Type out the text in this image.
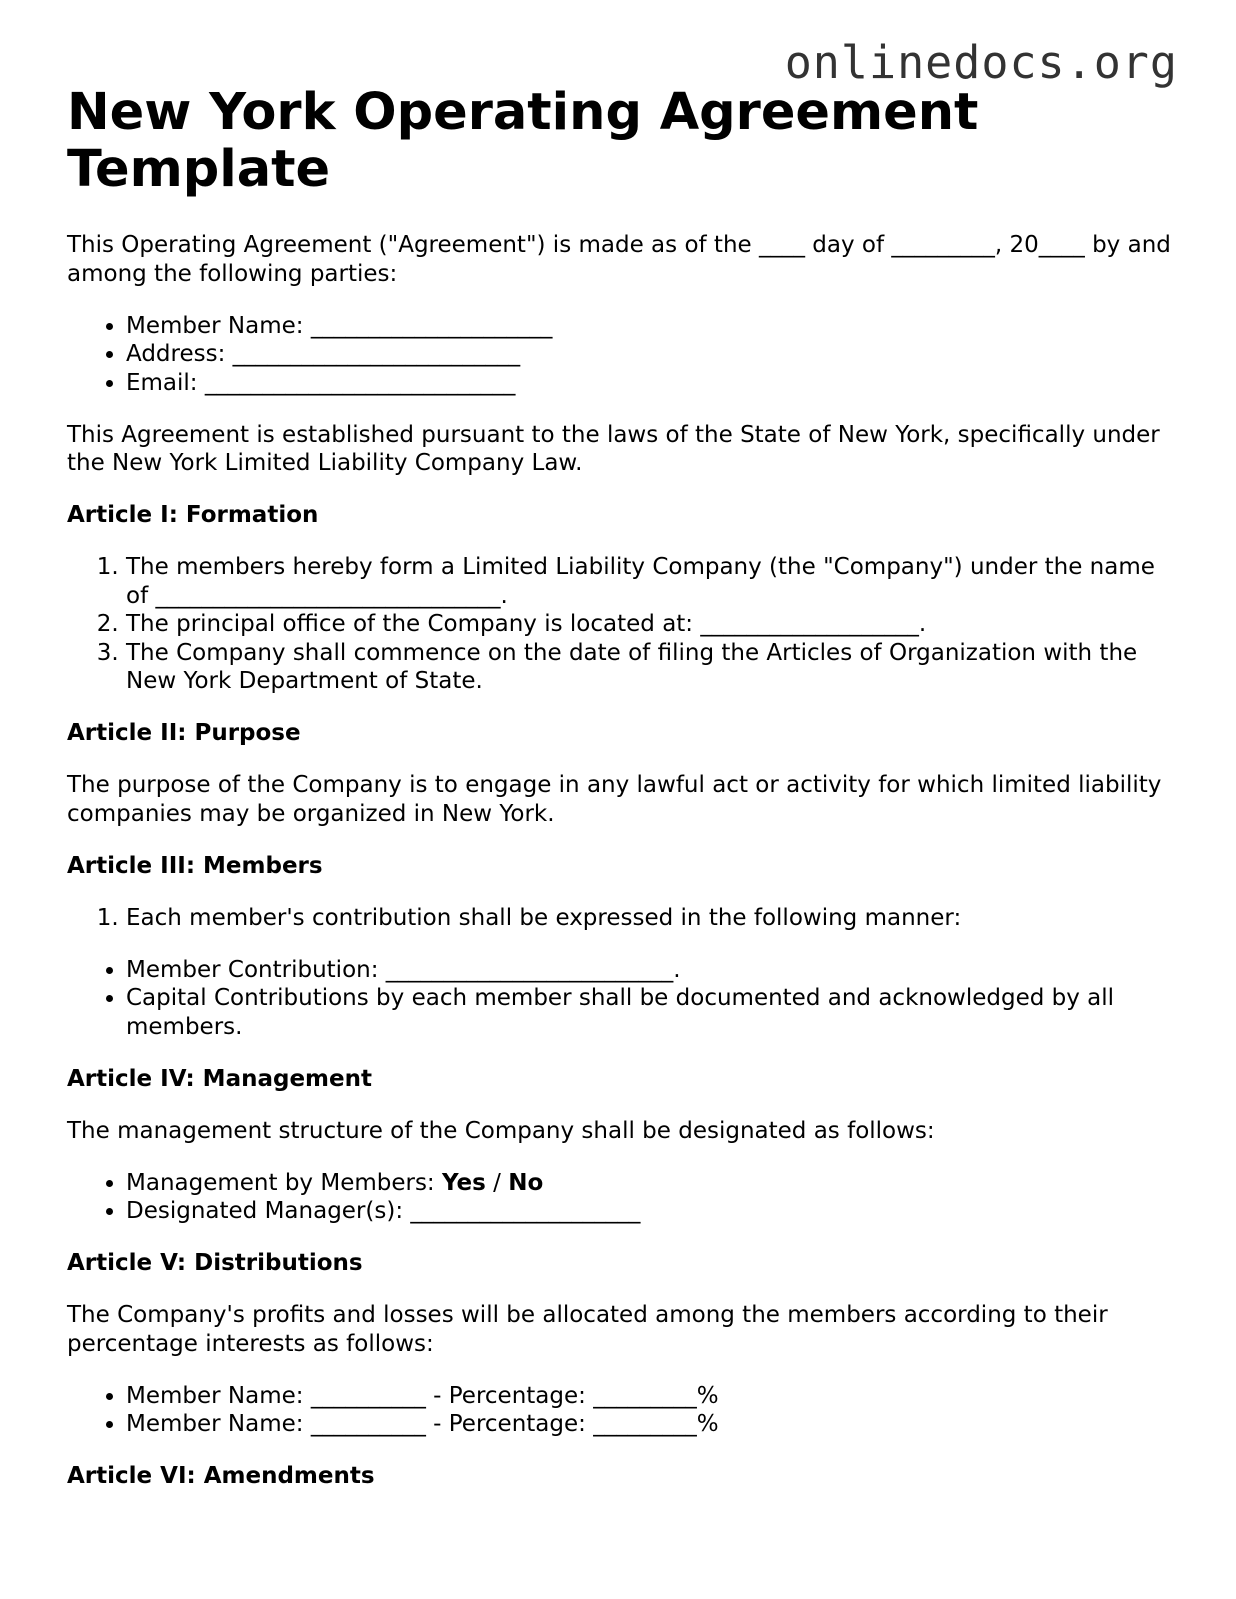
onlinedocs.org
New York Operating Agreement Template

This Operating Agreement ("Agreement") is made as of the ____ day of _________, 20____ by and among the following parties:

• Member Name: _____________________
• Address: _________________________
• Email: ___________________________

This Agreement is established pursuant to the laws of the State of New York, specifically under the New York Limited Liability Company Law.

Article I: Formation
1. The members hereby form a Limited Liability Company (the "Company") under the name of ______________________________.
2. The principal office of the Company is located at: ___________________.
3. The Company shall commence on the date of filing the Articles of Organization with the New York Department of State.
Article II: Purpose

The purpose of the Company is to engage in any lawful act or activity for which limited liability companies may be organized in New York.

Article III: Members
1. Each member's contribution shall be expressed in the following manner:
• Member Contribution: _________________________.
• Capital Contributions by each member shall be documented and acknowledged by all members.
Article IV: Management

The management structure of the Company shall be designated as follows:

• Management by Members: Yes / No
• Designated Manager(s): ____________________
Article V: Distributions

The Company's profits and losses will be allocated among the members according to their percentage interests as follows:

• Member Name: __________ - Percentage: _________%
• Member Name: __________ - Percentage: _________%
Article VI: Amendments
